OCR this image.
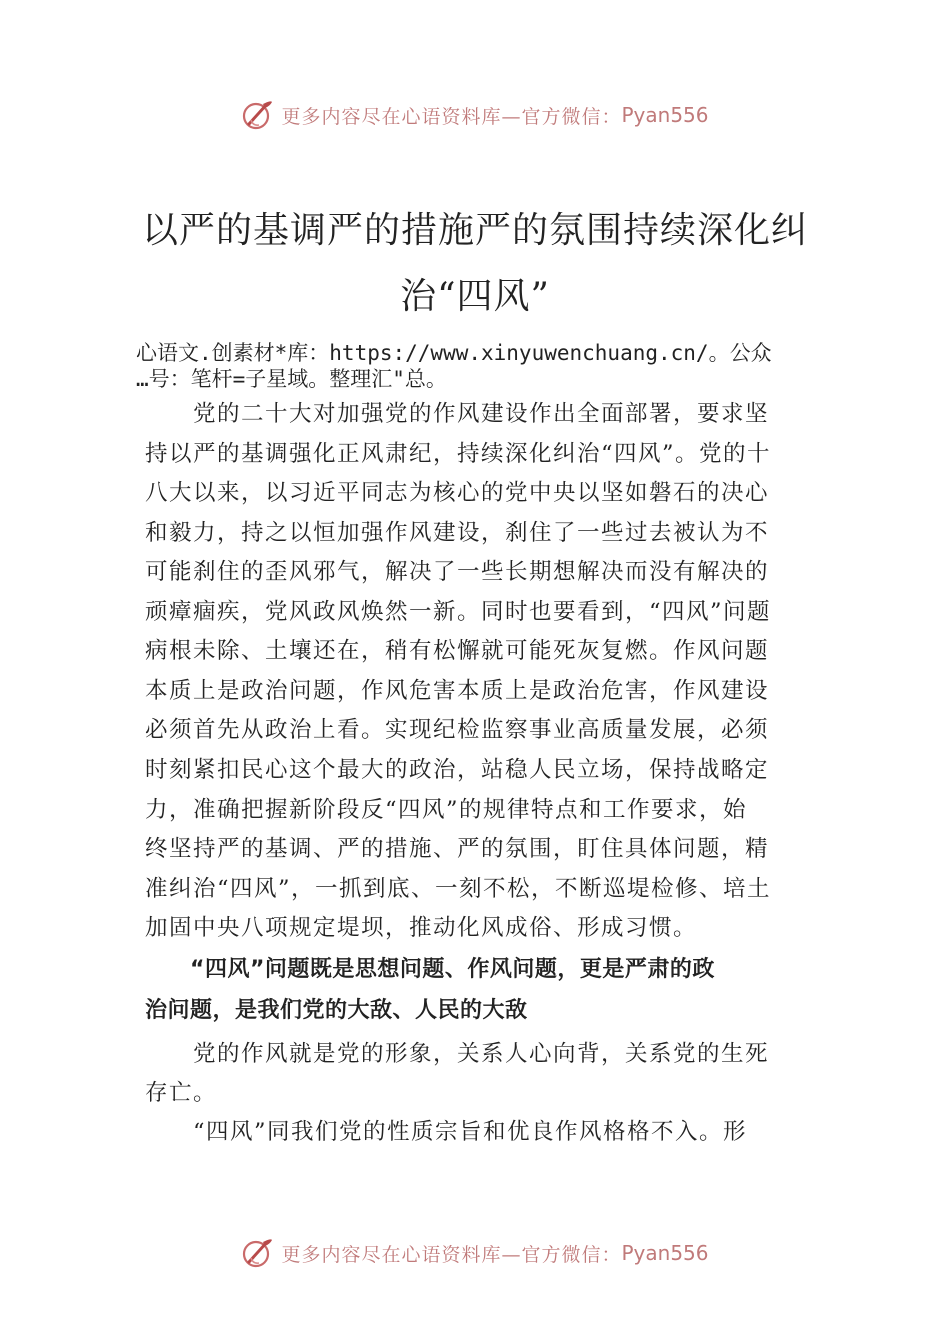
更多内容尽在心语资料库—官方微信： Pyan556
以严的基调严的措施严的氛围持续深化纠
治“四风”
心语文.创素材*库：https://www.xinyuwenchuang.cn/。公众
…号：笔杆=子星域。整理汇"总。
　　党的二十大对加强党的作风建设作出全面部署，要求坚
持以严的基调强化正风肃纪，持续深化纠治“四风”。党的十
八大以来，以习近平同志为核心的党中央以坚如磐石的决心
和毅力，持之以恒加强作风建设，刹住了一些过去被认为不
可能刹住的歪风邪气，解决了一些长期想解决而没有解决的
顽瘴痼疾，党风政风焕然一新。同时也要看到，“四风”问题
病根未除、土壤还在，稍有松懈就可能死灰复燃。作风问题
本质上是政治问题，作风危害本质上是政治危害，作风建设
必须首先从政治上看。实现纪检监察事业高质量发展，必须
时刻紧扣民心这个最大的政治，站稳人民立场，保持战略定
力，准确把握新阶段反“四风”的规律特点和工作要求，始
终坚持严的基调、严的措施、严的氛围，盯住具体问题，精
准纠治“四风”，一抓到底、一刻不松，不断巡堤检修、培土
加固中央八项规定堤坝，推动化风成俗、形成习惯。
　　“四风”问题既是思想问题、作风问题，更是严肃的政
治问题，是我们党的大敌、人民的大敌
　　党的作风就是党的形象，关系人心向背，关系党的生死
存亡。
　　“四风”同我们党的性质宗旨和优良作风格格不入。形
更多内容尽在心语资料库—官方微信： Pyan556
